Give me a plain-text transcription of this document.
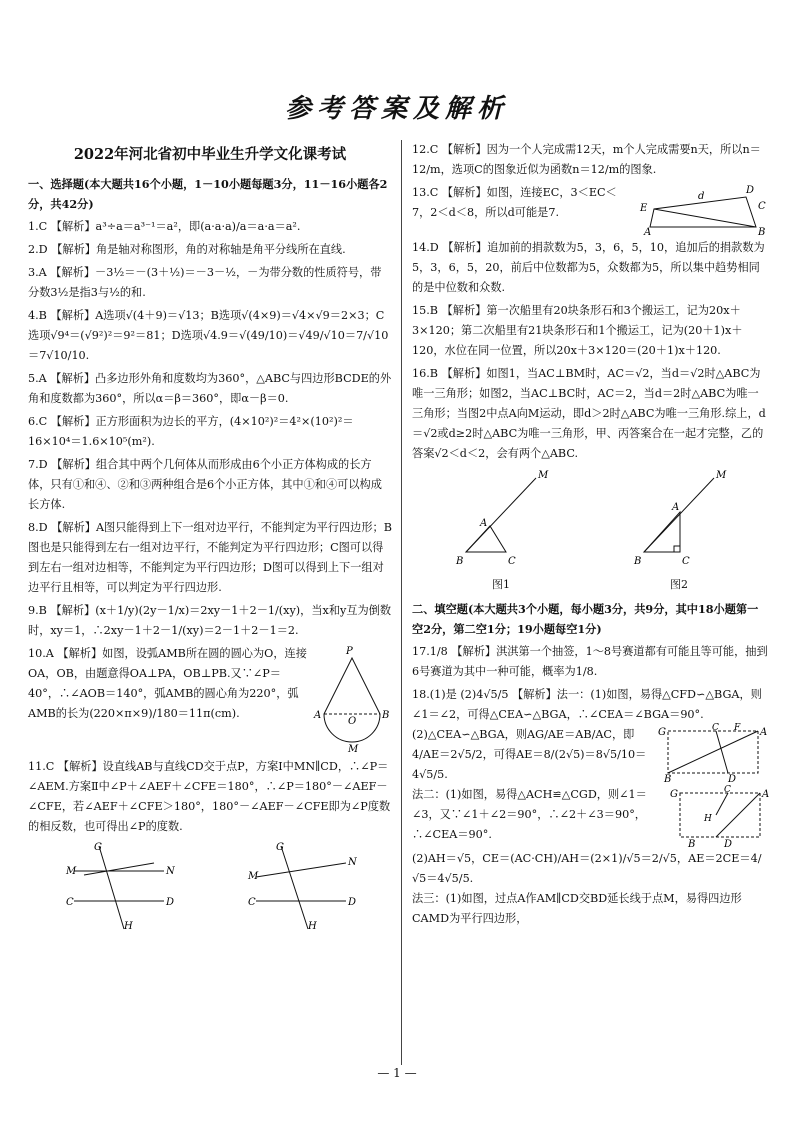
参考答案及解析
2022年河北省初中毕业生升学文化课考试
一、选择题(本大题共16个小题，1－10小题每题3分，11－16小题各2分，共42分)
1.C 【解析】a³÷a＝a³⁻¹＝a²，即(a·a·a)/a＝a·a＝a².
2.D 【解析】角是轴对称图形，角的对称轴是角平分线所在直线.
3.A 【解析】－3½＝－(3＋½)＝－3－½，－为带分数的性质符号，带分数3½是指3与½的和.
4.B 【解析】A选项√(4＋9)＝√13；B选项√(4×9)＝√4×√9＝2×3；C选项√9⁴＝(√9²)²＝9²＝81；D选项√4.9＝√(49/10)＝√49/√10＝7/√10＝7√10/10.
5.A 【解析】凸多边形外角和度数均为360°，△ABC与四边形BCDE的外角和度数都为360°，所以α＝β＝360°，即α－β＝0.
6.C 【解析】正方形面积为边长的平方，(4×10²)²＝4²×(10²)²＝16×10⁴＝1.6×10⁵(m²).
7.D 【解析】组合其中两个几何体从而形成由6个小正方体构成的长方体，只有①和④、②和③两种组合是6个小正方体，其中①和④可以构成长方体.
8.D 【解析】A图只能得到上下一组对边平行，不能判定为平行四边形；B图也是只能得到左右一组对边平行，不能判定为平行四边形；C图可以得到左右一组对边相等，不能判定为平行四边形；D图可以得到上下一组对边平行且相等，可以判定为平行四边形.
9.B 【解析】(x＋1/y)(2y－1/x)＝2xy－1＋2－1/(xy)，当x和y互为倒数时，xy＝1，∴2xy－1＋2－1/(xy)＝2－1＋2－1＝2.
10.A 【解析】如图，设弧AMB所在圆的圆心为O，连接OA，OB，由题意得OA⊥PA，OB⊥PB.又∵∠P＝40°，∴∠AOB＝140°，弧AMB的圆心角为220°，弧AMB的长为(220×π×9)/180＝11π(cm).
P
A	B
O
M
11.C 【解析】设直线AB与直线CD交于点P，方案Ⅰ中MN∥CD，∴∠P＝∠AEM.方案Ⅱ中∠P＋∠AEF＋∠CFE＝180°，∴∠P＝180°－∠AEF－∠CFE，若∠AEF＋∠CFE＞180°，180°－∠AEF－∠CFE即为∠P度数的相反数，也可得出∠P的度数.
M	N
C	D
G
H
M
N
C	D
G
H
12.C 【解析】因为一个人完成需12天，m个人完成需要n天，所以n＝12/m，选项C的图象近似为函数n＝12/m的图象.
13.C 【解析】如图，连接EC，3＜EC＜7，2＜d＜8，所以d可能是7.	E
D
C
d
A	B
14.D 【解析】追加前的捐款数为5，3，6，5，10，追加后的捐款数为5，3，6，5，20，前后中位数都为5，众数都为5，所以集中趋势相同的是中位数和众数.
15.B 【解析】第一次船里有20块条形石和3个搬运工，记为20x＋3×120；第二次船里有21块条形石和1个搬运工，记为(20＋1)x＋120，水位在同一位置，所以20x＋3×120＝(20＋1)x＋120.
16.B 【解析】如图1，当AC⊥BM时，AC＝√2，当d＝√2时△ABC为唯一三角形；如图2，当AC⊥BC时，AC＝2，当d＝2时△ABC为唯一三角形；当图2中点A向M运动，即d＞2时△ABC为唯一三角形.综上，d＝√2或d≥2时△ABC为唯一三角形，甲、丙答案合在一起才完整，乙的答案√2＜d＜2，会有两个△ABC.
B	C
A
M
图1
B	C
A
M
图2
二、填空题(本大题共3个小题，每小题3分，共9分，其中18小题第一空2分，第二空1分；19小题每空1分)
17.1/8 【解析】淇淇第一个抽签，1～8号赛道都有可能且等可能，抽到6号赛道为其中一种可能，概率为1/8.

18.(1)是 (2)4√5/5 【解析】法一：(1)如图，易得△CFD∽△BGA，则∠1＝∠2，可得△CEA∽△BGA，∴∠CEA＝∠BGA＝90°.

(2)△CEA∽△BGA，则AG/AE＝AB/AC，即4/AE＝2√5/2，可得AE＝8/(2√5)＝8√5/10＝4√5/5.

G	C F A
B	D

法二：(1)如图，易得△ACH≌△CGD，则∠1＝∠3，又∵∠1＋∠2＝90°，∴∠2＋∠3＝90°，∴∠CEA＝90°.

G	C	A
H
B	D

(2)AH＝√5，CE＝(AC·CH)/AH＝(2×1)/√5＝2/√5，AE＝2CE＝4/√5＝4√5/5.

法三：(1)如图，过点A作AM∥CD交BD延长线于点M，易得四边形CAMD为平行四边形，

— 1 —
